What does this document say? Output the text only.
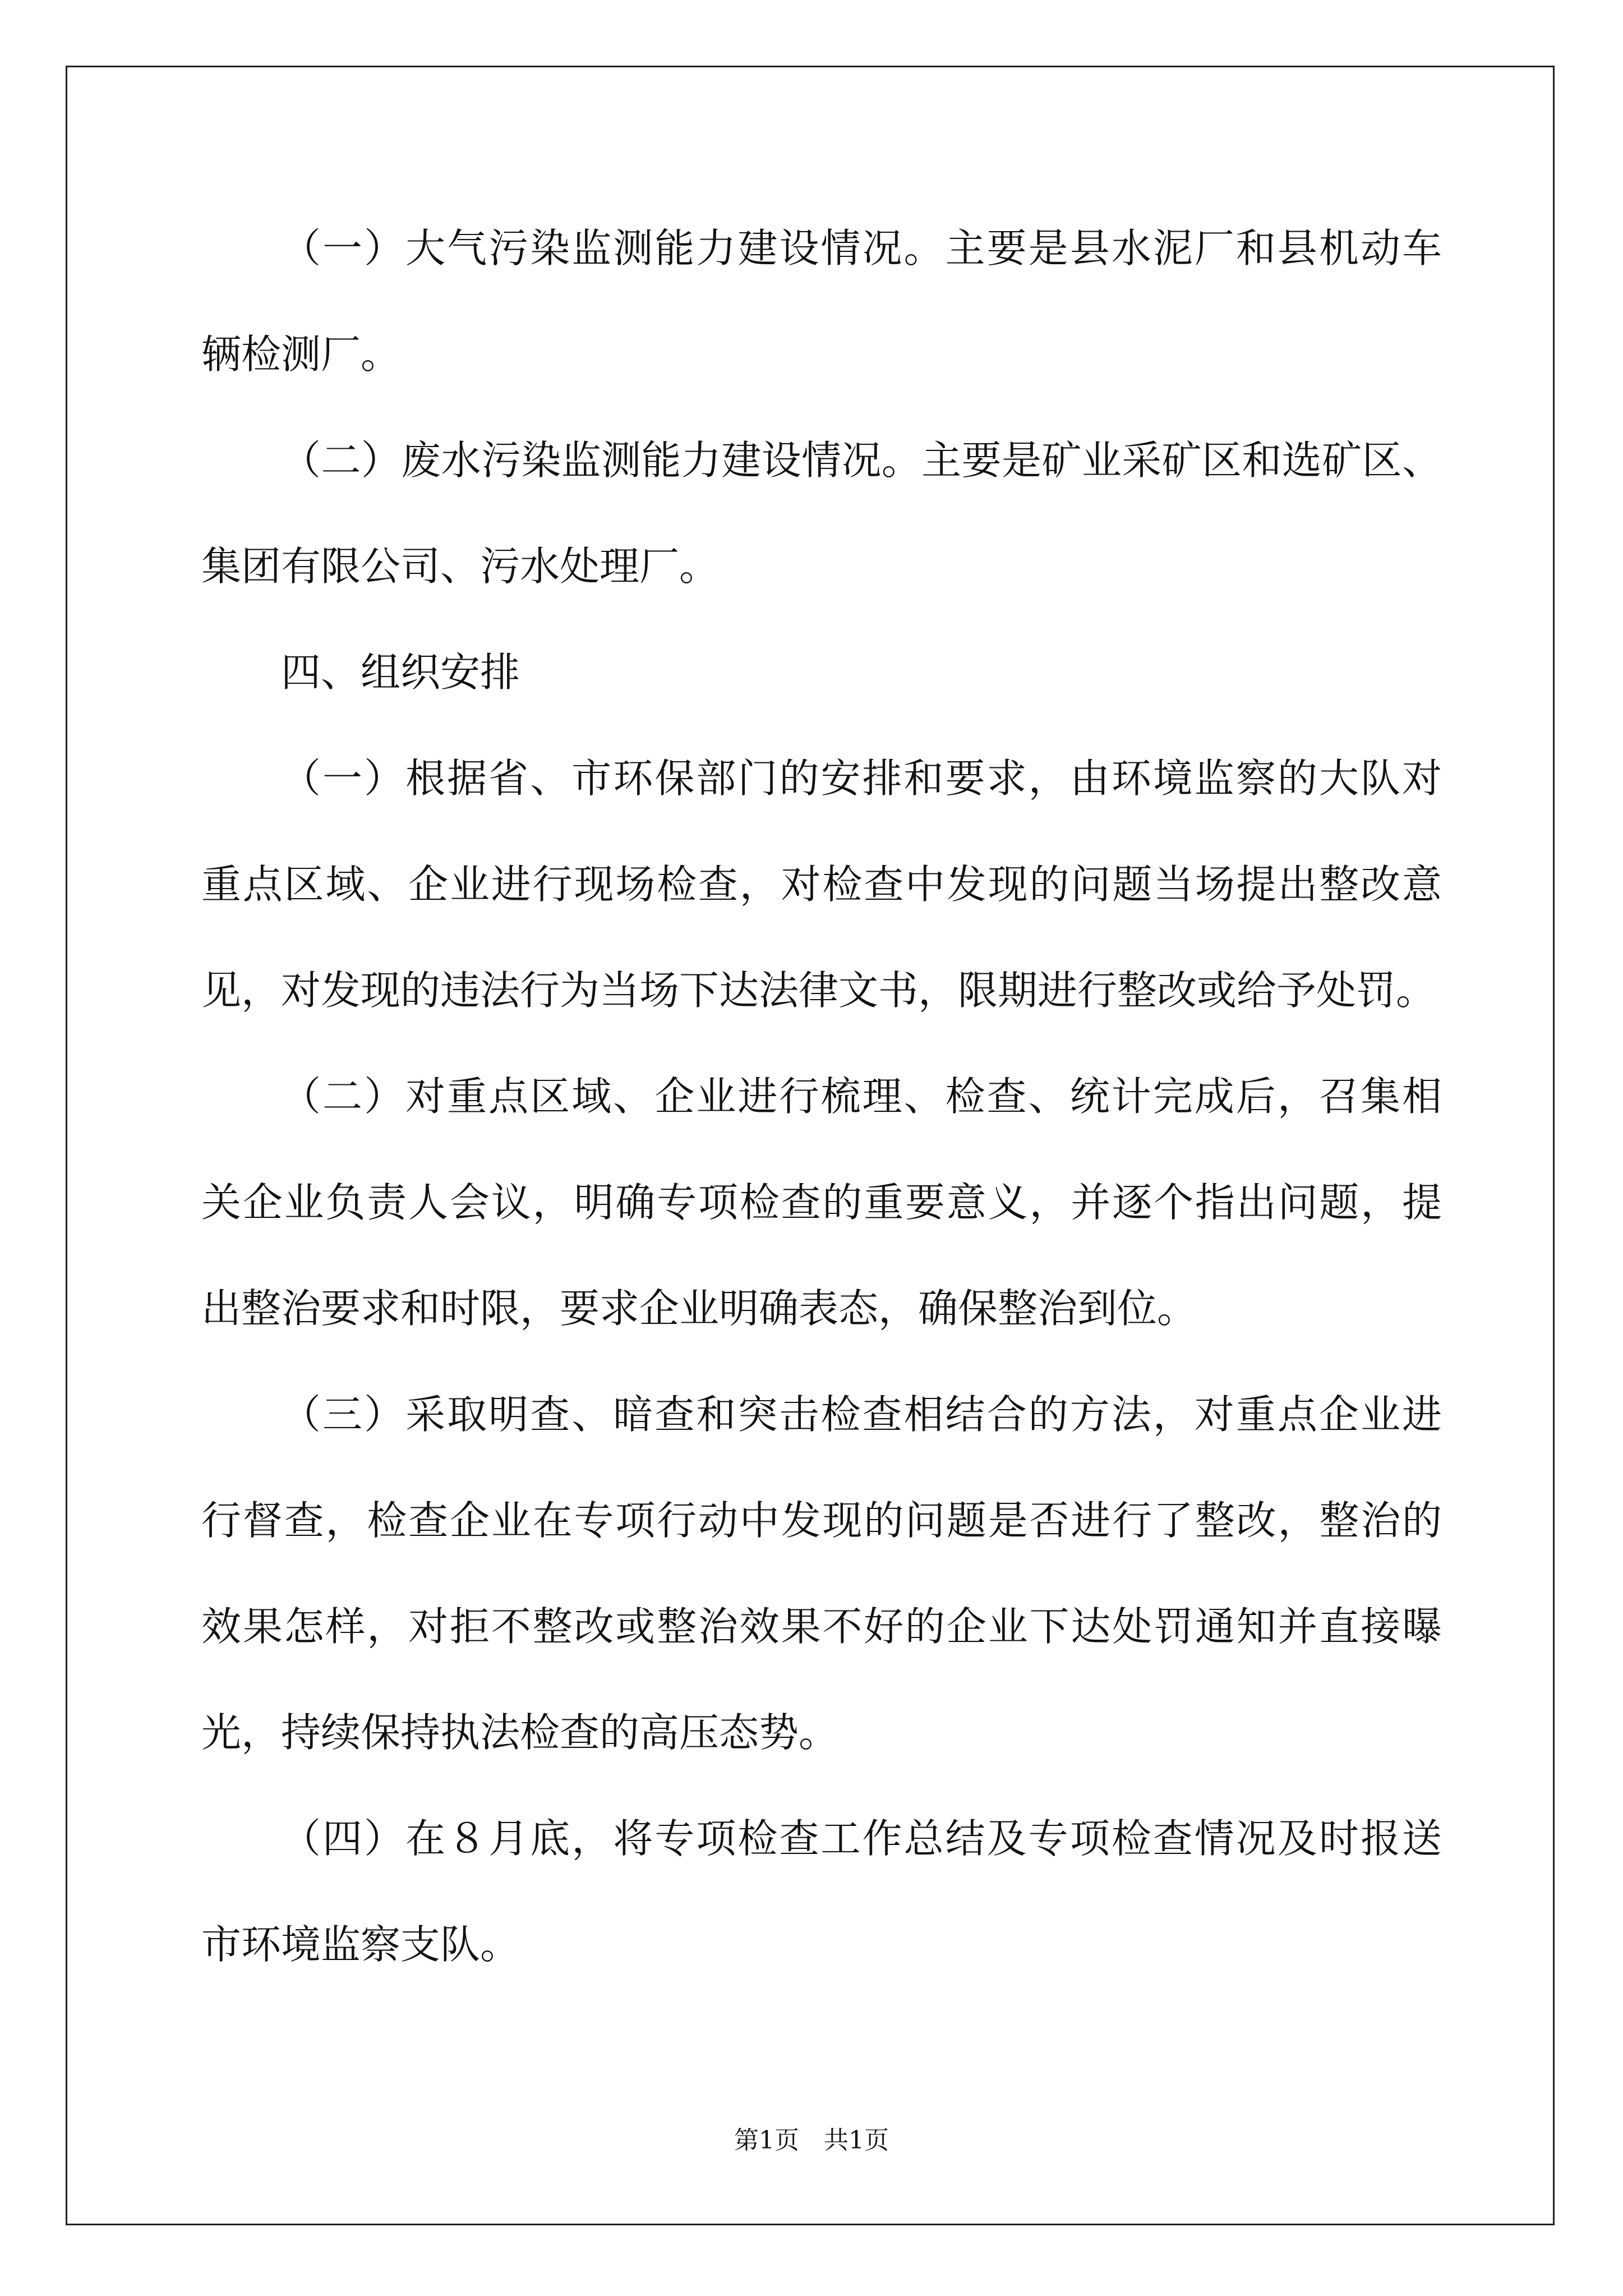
（一）大气污染监测能力建设情况。主要是县水泥厂和县机动车
辆检测厂。
（二）废水污染监测能力建设情况。主要是矿业采矿区和选矿区、
集团有限公司、污水处理厂。
四、组织安排
（一）根据省、市环保部门的安排和要求，由环境监察的大队对
重点区域、企业进行现场检查，对检查中发现的问题当场提出整改意
见，对发现的违法行为当场下达法律文书，限期进行整改或给予处罚。
（二）对重点区域、企业进行梳理、检查、统计完成后，召集相
关企业负责人会议，明确专项检查的重要意义，并逐个指出问题，提
出整治要求和时限，要求企业明确表态，确保整治到位。
（三）采取明查、暗查和突击检查相结合的方法，对重点企业进
行督查，检查企业在专项行动中发现的问题是否进行了整改，整治的
效果怎样，对拒不整改或整治效果不好的企业下达处罚通知并直接曝
光，持续保持执法检查的高压态势。
（四）在８月底，将专项检查工作总结及专项检查情况及时报送
市环境监察支队。
第1页　共1页
